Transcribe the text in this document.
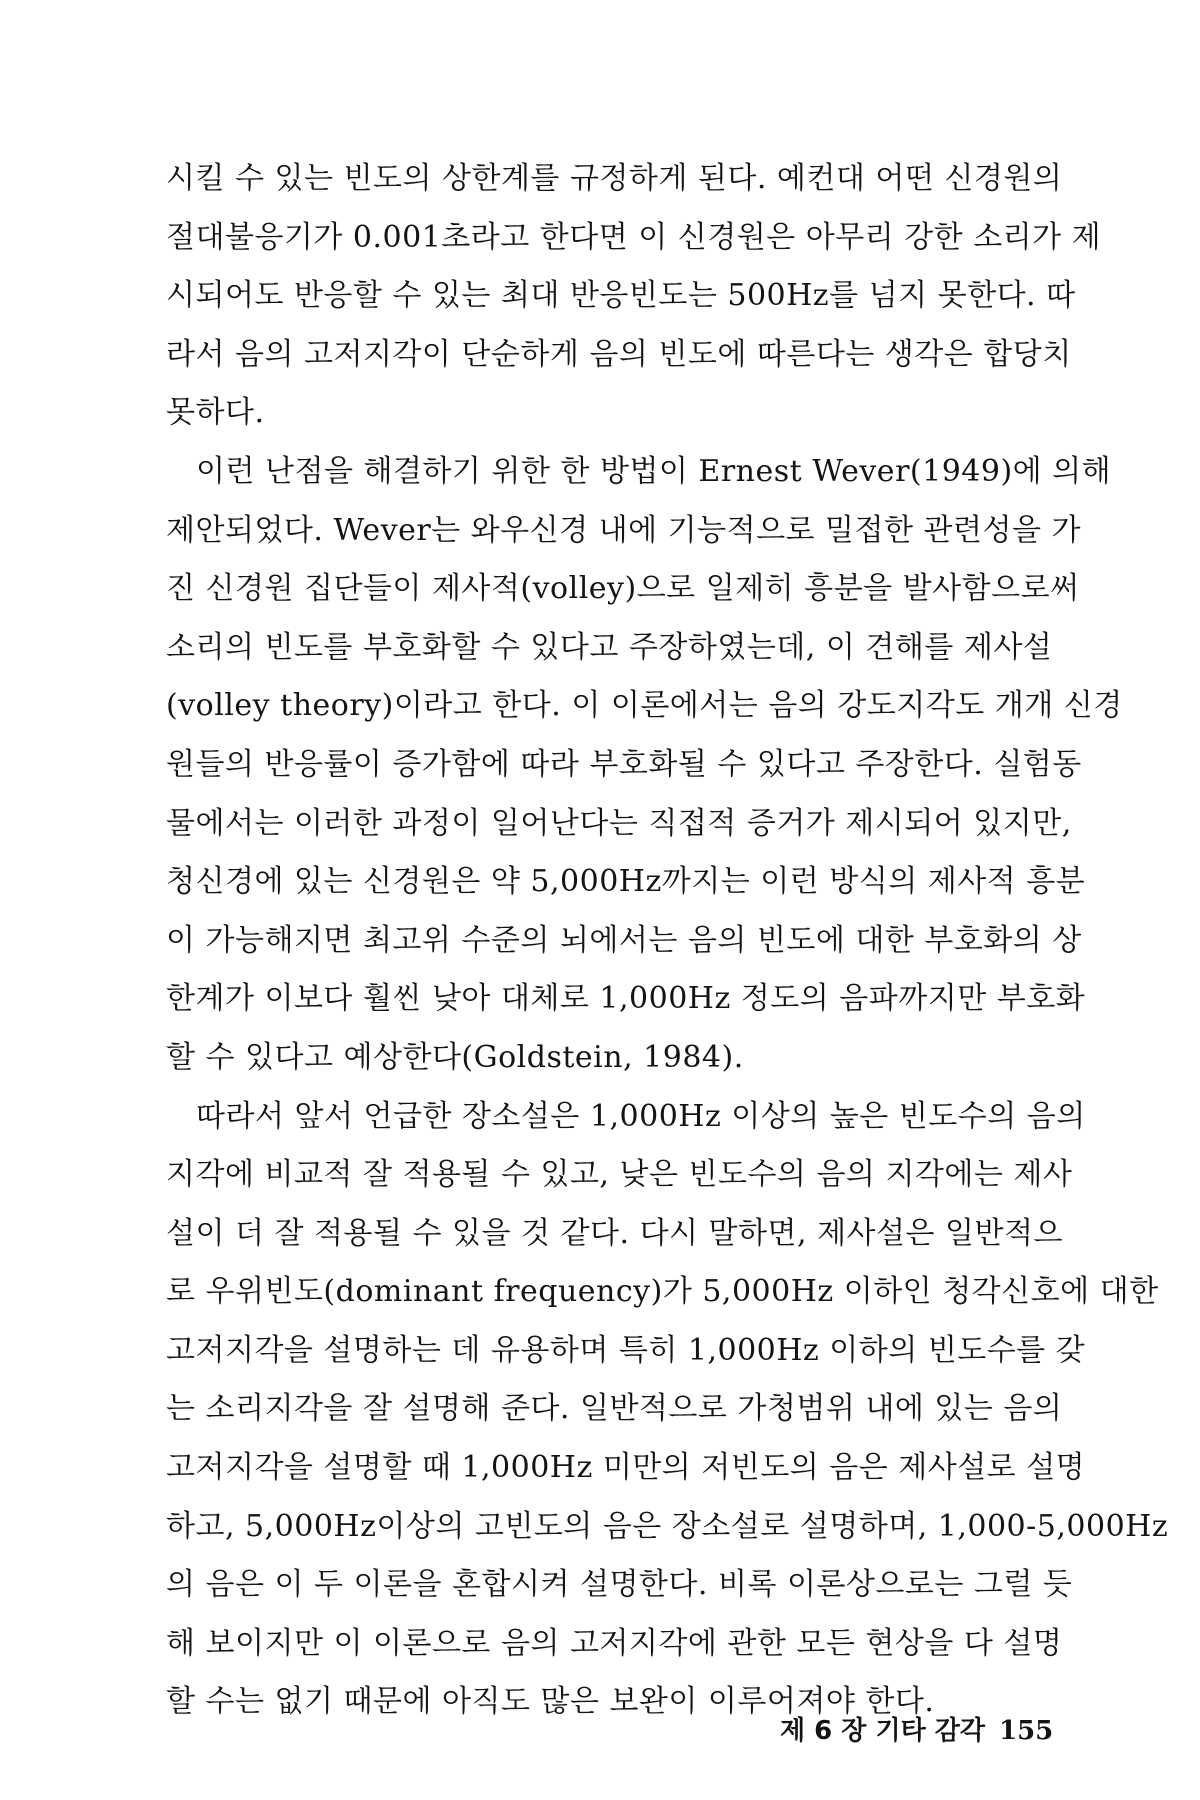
시킬 수 있는 빈도의 상한계를 규정하게 된다. 예컨대 어떤 신경원의
절대불응기가 0.001초라고 한다면 이 신경원은 아무리 강한 소리가 제
시되어도 반응할 수 있는 최대 반응빈도는 500Hz를 넘지 못한다. 따
라서 음의 고저지각이 단순하게 음의 빈도에 따른다는 생각은 합당치
못하다.
이런 난점을 해결하기 위한 한 방법이 Ernest Wever(1949)에 의해
제안되었다. Wever는 와우신경 내에 기능적으로 밀접한 관련성을 가
진 신경원 집단들이 제사적(volley)으로 일제히 흥분을 발사함으로써
소리의 빈도를 부호화할 수 있다고 주장하였는데, 이 견해를 제사설
(volley theory)이라고 한다. 이 이론에서는 음의 강도지각도 개개 신경
원들의 반응률이 증가함에 따라 부호화될 수 있다고 주장한다. 실험동
물에서는 이러한 과정이 일어난다는 직접적 증거가 제시되어 있지만,
청신경에 있는 신경원은 약 5,000Hz까지는 이런 방식의 제사적 흥분
이 가능해지면 최고위 수준의 뇌에서는 음의 빈도에 대한 부호화의 상
한계가 이보다 훨씬 낮아 대체로 1,000Hz 정도의 음파까지만 부호화
할 수 있다고 예상한다(Goldstein, 1984).
따라서 앞서 언급한 장소설은 1,000Hz 이상의 높은 빈도수의 음의
지각에 비교적 잘 적용될 수 있고, 낮은 빈도수의 음의 지각에는 제사
설이 더 잘 적용될 수 있을 것 같다. 다시 말하면, 제사설은 일반적으
로 우위빈도(dominant frequency)가 5,000Hz 이하인 청각신호에 대한
고저지각을 설명하는 데 유용하며 특히 1,000Hz 이하의 빈도수를 갖
는 소리지각을 잘 설명해 준다. 일반적으로 가청범위 내에 있는 음의
고저지각을 설명할 때 1,000Hz 미만의 저빈도의 음은 제사설로 설명
하고, 5,000Hz이상의 고빈도의 음은 장소설로 설명하며, 1,000-5,000Hz
의 음은 이 두 이론을 혼합시켜 설명한다. 비록 이론상으로는 그럴 듯
해 보이지만 이 이론으로 음의 고저지각에 관한 모든 현상을 다 설명
할 수는 없기 때문에 아직도 많은 보완이 이루어져야 한다.
제 6 장 기타 감각 155
